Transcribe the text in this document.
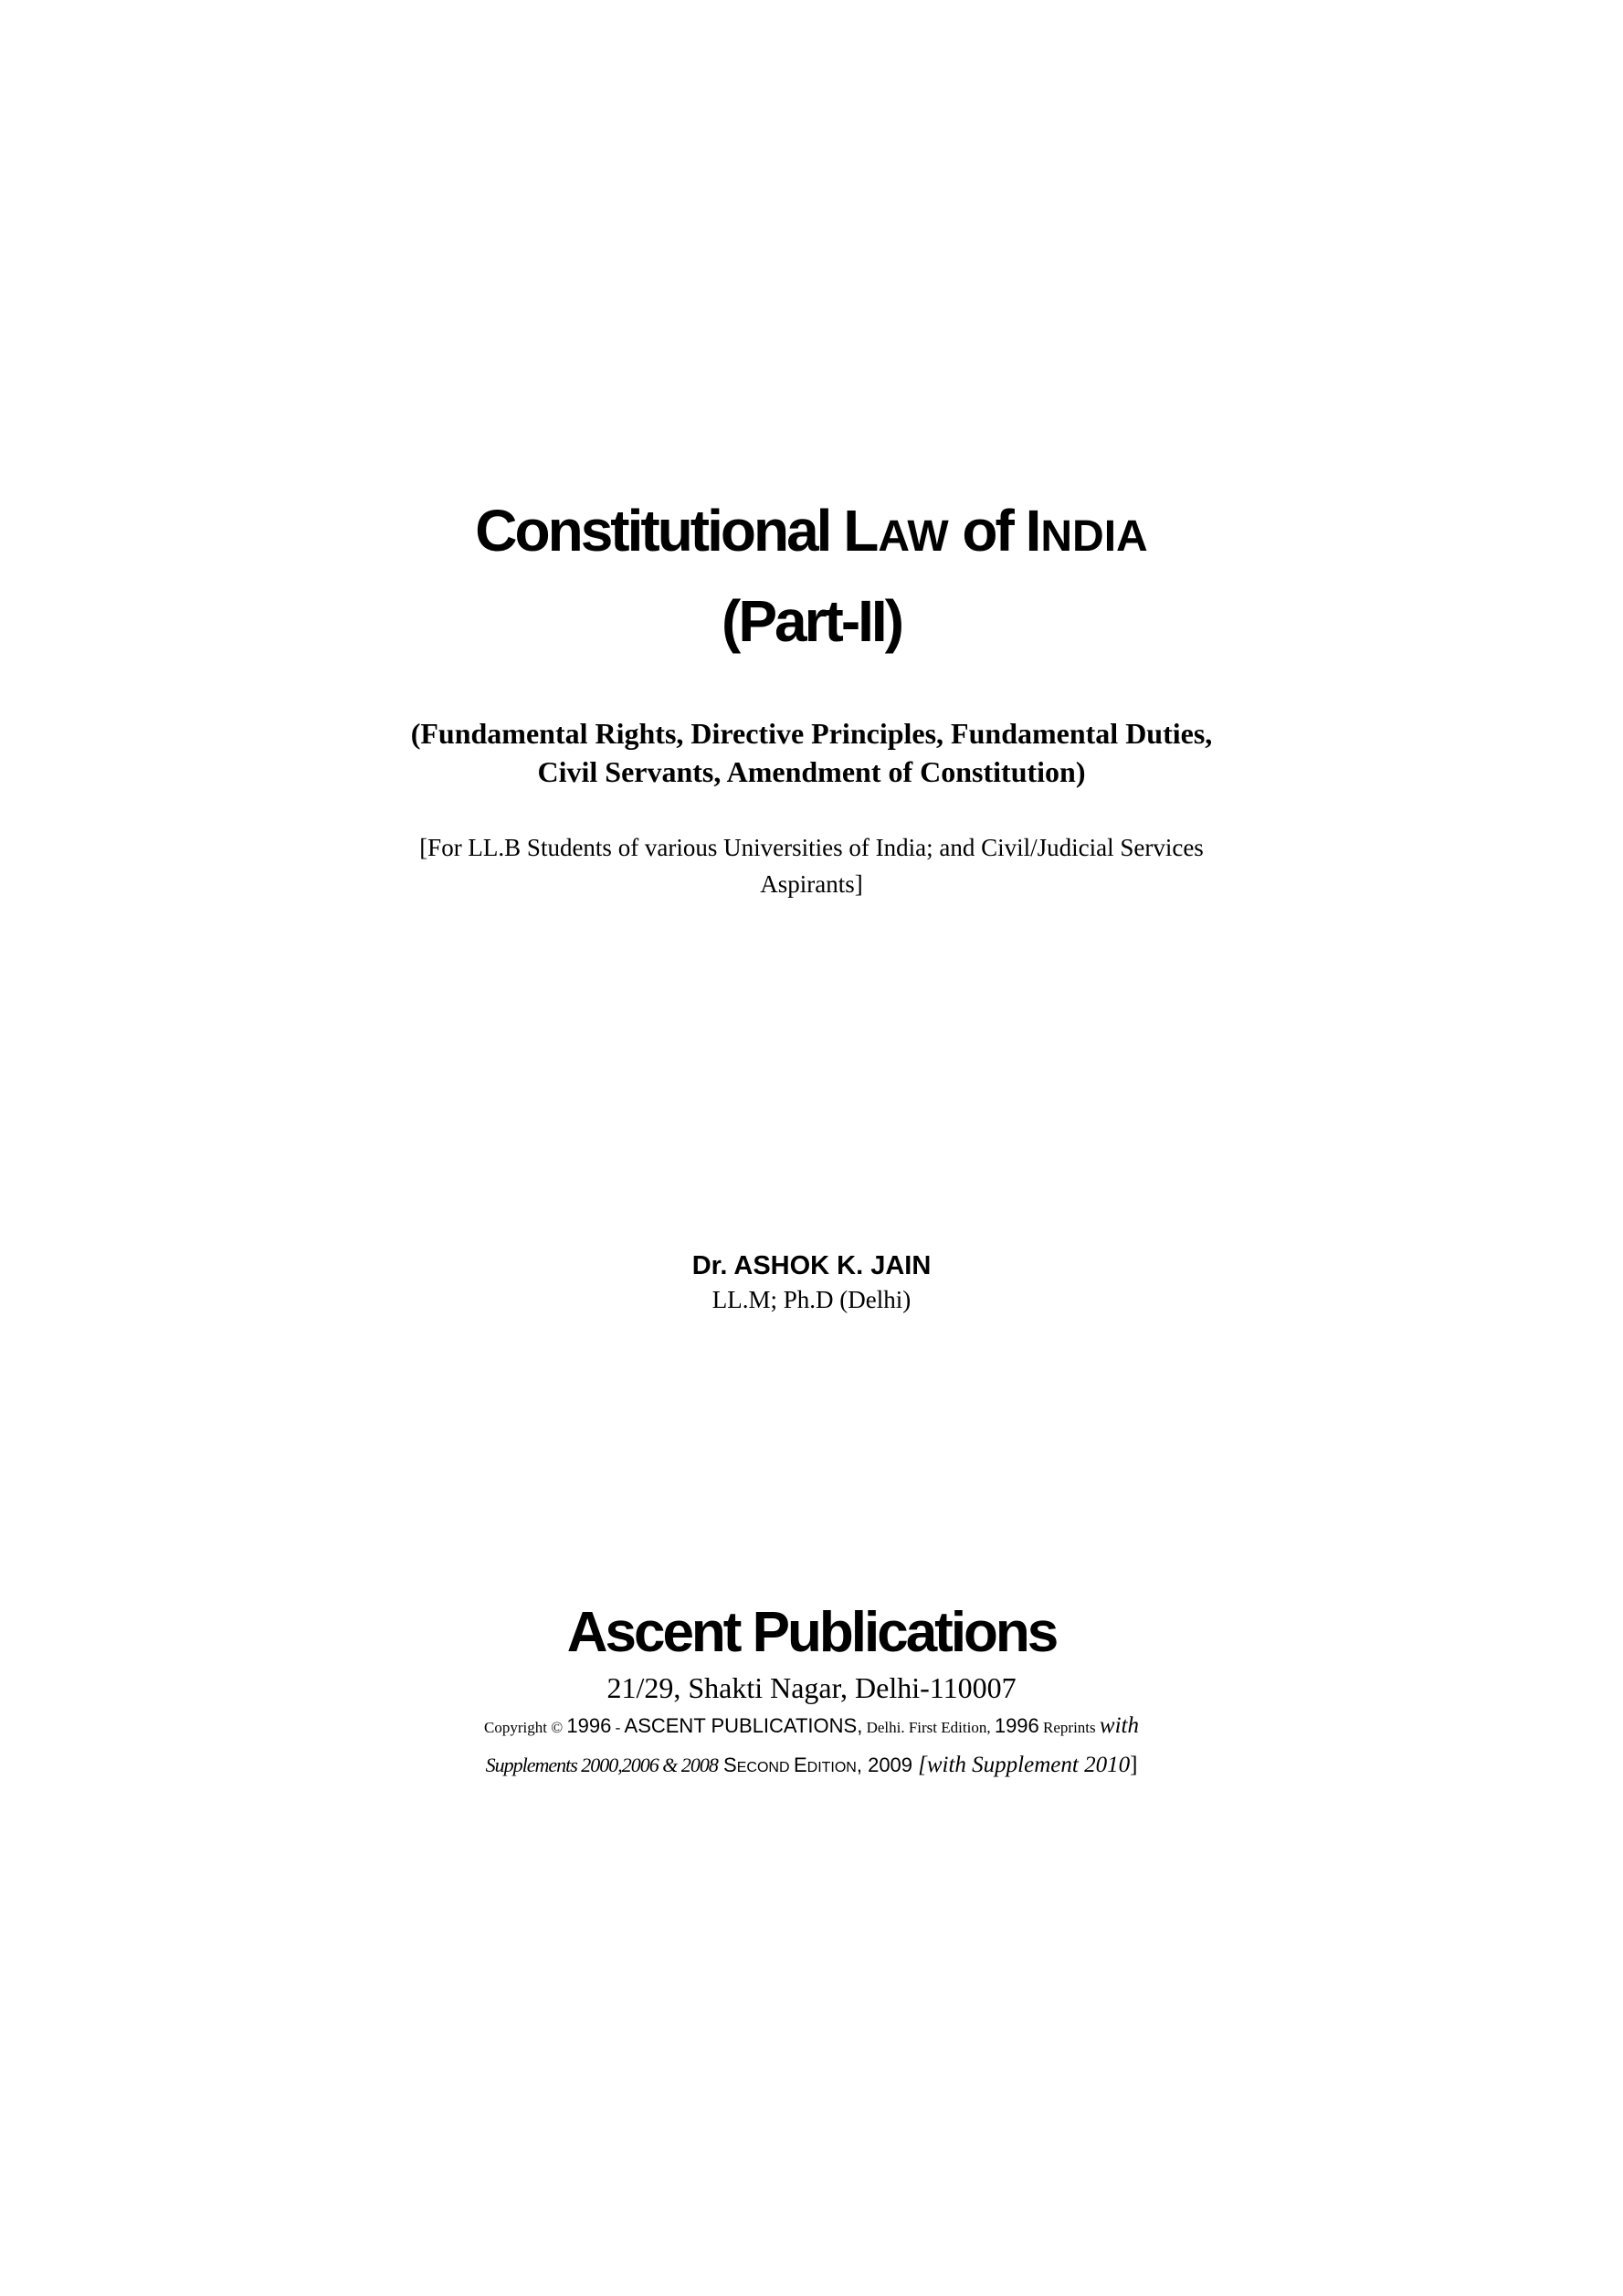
Constitutional LAW of INDIA
(Part-II)
(Fundamental Rights, Directive Principles, Fundamental Duties,
Civil Servants, Amendment of Constitution)
[For LL.B Students of various Universities of India; and Civil/Judicial Services
Aspirants]
Dr. ASHOK K. JAIN
LL.M; Ph.D (Delhi)
Ascent Publications
21/29, Shakti Nagar, Delhi-110007
Copyright © 1996 - ASCENT PUBLICATIONS, Delhi. First Edition, 1996 Reprints with
Supplements 2000,2006 & 2008 SECOND EDITION, 2009 [with Supplement 2010]
